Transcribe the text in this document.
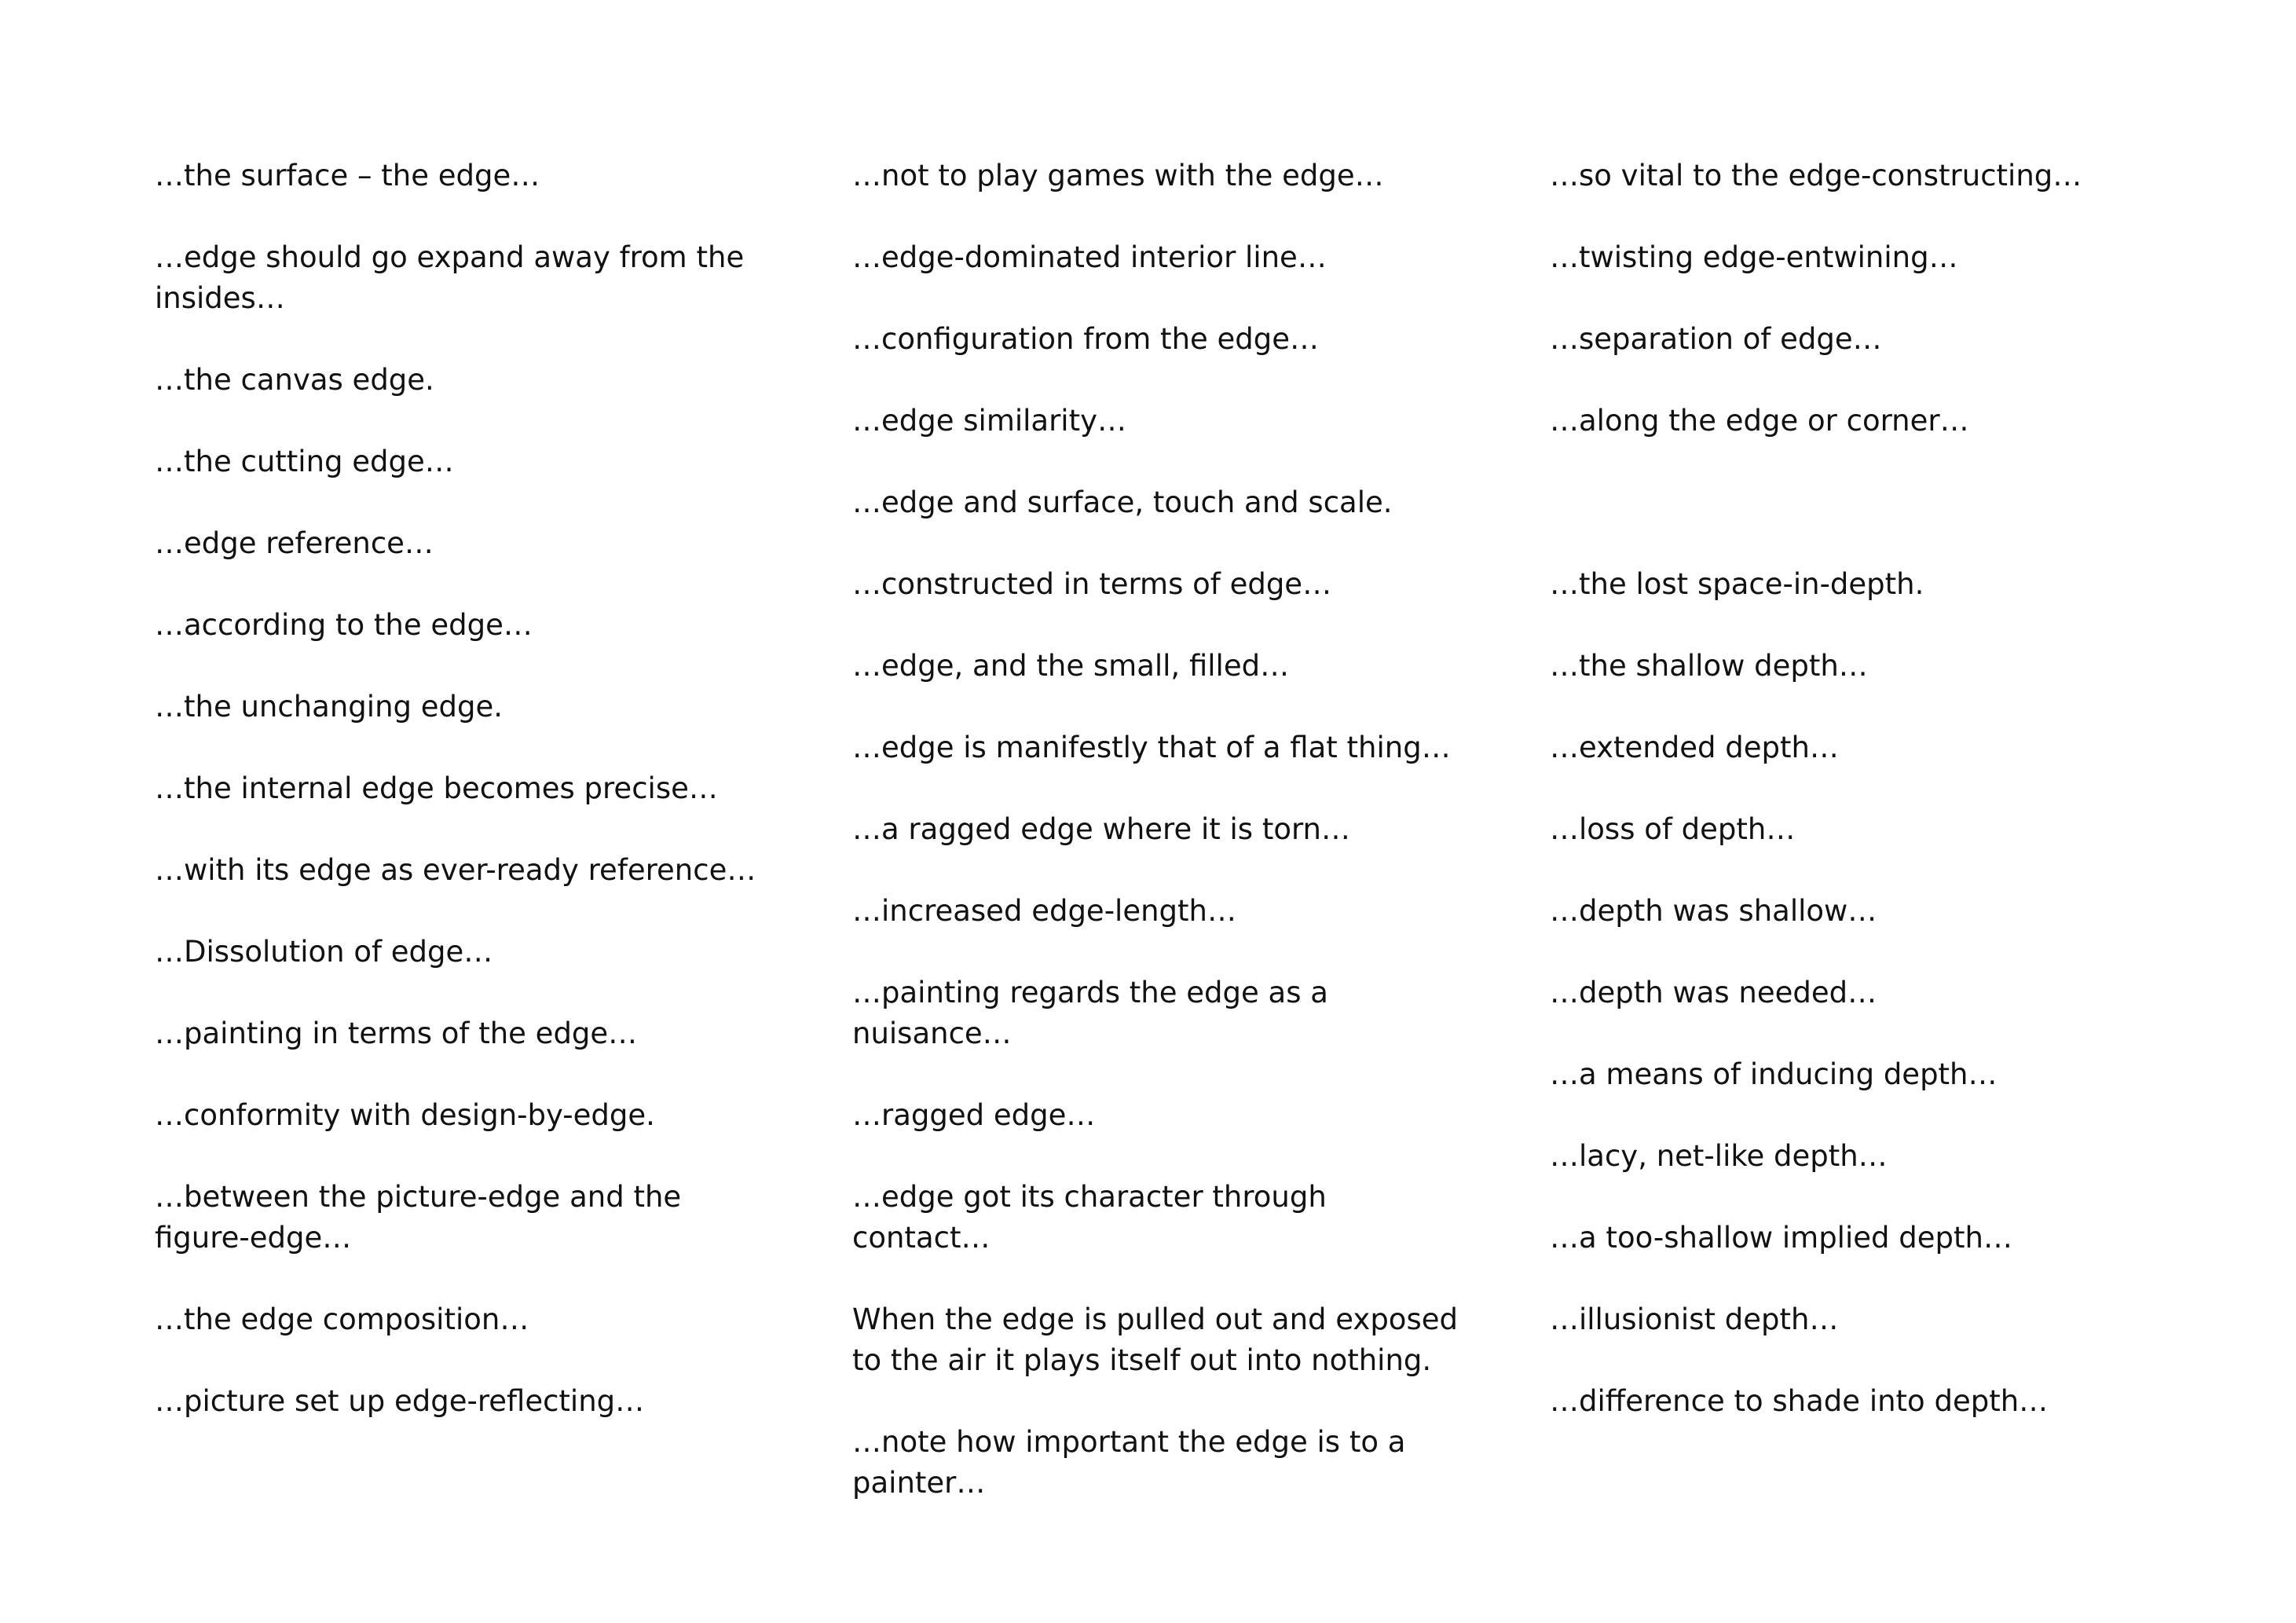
…the surface – the edge…
…edge should go expand away from the insides…
…the canvas edge.
…the cutting edge…
…edge reference…
…according to the edge…
…the unchanging edge.
…the internal edge becomes precise…
…with its edge as ever-ready reference…
…Dissolution of edge…
…painting in terms of the edge…
…conformity with design-by-edge.
…between the picture-edge and the figure-edge…
…the edge composition…
…picture set up edge-reflecting…
…not to play games with the edge…
…edge-dominated interior line…
…configuration from the edge…
…edge similarity…
…edge and surface, touch and scale.
…constructed in terms of edge…
…edge, and the small, filled…
…edge is manifestly that of a flat thing…
…a ragged edge where it is torn…
…increased edge-length…
…painting regards the edge as a nuisance…
…ragged edge…
…edge got its character through contact…
When the edge is pulled out and exposed to the air it plays itself out into nothing.
…note how important the edge is to a painter…
…so vital to the edge-constructing…
…twisting edge-entwining…
…separation of edge…
…along the edge or corner…
…the lost space-in-depth.
…the shallow depth…
…extended depth…
…loss of depth…
…depth was shallow…
…depth was needed…
…a means of inducing depth…
…lacy, net-like depth…
…a too-shallow implied depth…
…illusionist depth…
…difference to shade into depth…
